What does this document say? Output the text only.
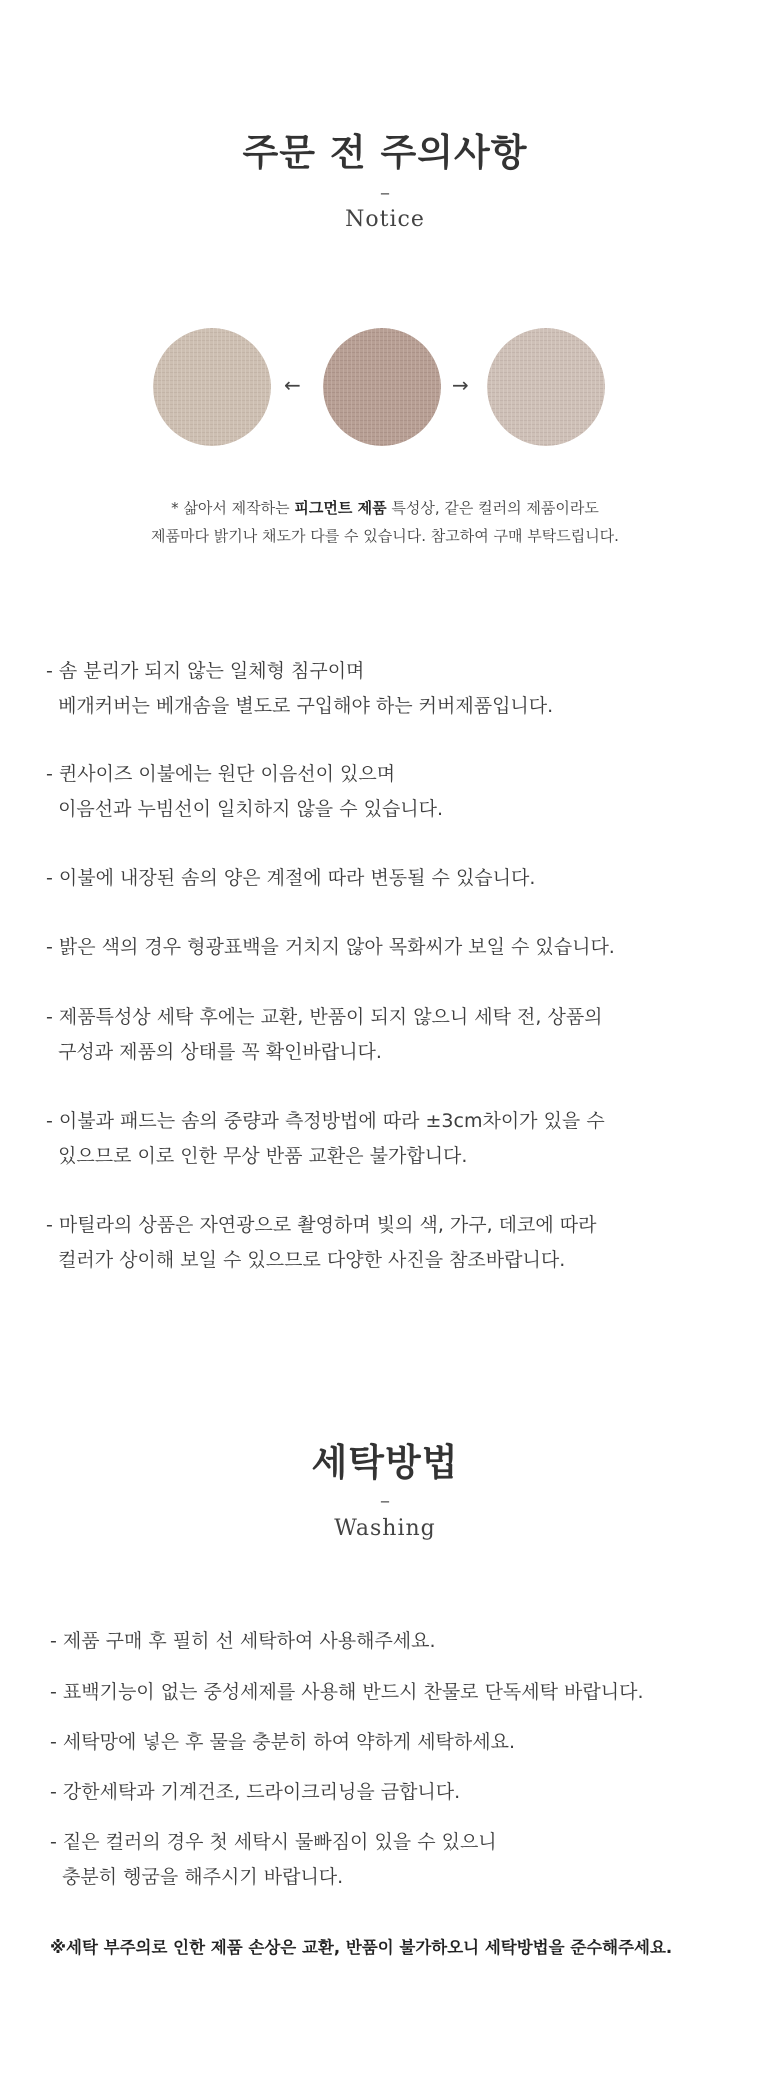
주문 전 주의사항
–
Notice
←	→
* 삶아서 제작하는 피그먼트 제품 특성상, 같은 컬러의 제품이라도
제품마다 밝기나 채도가 다를 수 있습니다. 참고하여 구매 부탁드립니다.
- 솜 분리가 되지 않는 일체형 침구이며
베개커버는 베개솜을 별도로 구입해야 하는 커버제품입니다.
- 퀸사이즈 이불에는 원단 이음선이 있으며
이음선과 누빔선이 일치하지 않을 수 있습니다.
- 이불에 내장된 솜의 양은 계절에 따라 변동될 수 있습니다.
- 밝은 색의 경우 형광표백을 거치지 않아 목화씨가 보일 수 있습니다.
- 제품특성상 세탁 후에는 교환, 반품이 되지 않으니 세탁 전, 상품의
구성과 제품의 상태를 꼭 확인바랍니다.
- 이불과 패드는 솜의 중량과 측정방법에 따라 ±3cm차이가 있을 수
있으므로 이로 인한 무상 반품 교환은 불가합니다.
- 마틸라의 상품은 자연광으로 촬영하며 빛의 색, 가구, 데코에 따라
컬러가 상이해 보일 수 있으므로 다양한 사진을 참조바랍니다.
세탁방법
–
Washing
- 제품 구매 후 필히 선 세탁하여 사용해주세요.
- 표백기능이 없는 중성세제를 사용해 반드시 찬물로 단독세탁 바랍니다.
- 세탁망에 넣은 후 물을 충분히 하여 약하게 세탁하세요.
- 강한세탁과 기계건조, 드라이크리닝을 금합니다.
- 짙은 컬러의 경우 첫 세탁시 물빠짐이 있을 수 있으니
충분히 헹굼을 해주시기 바랍니다.
※세탁 부주의로 인한 제품 손상은 교환, 반품이 불가하오니 세탁방법을 준수해주세요.
